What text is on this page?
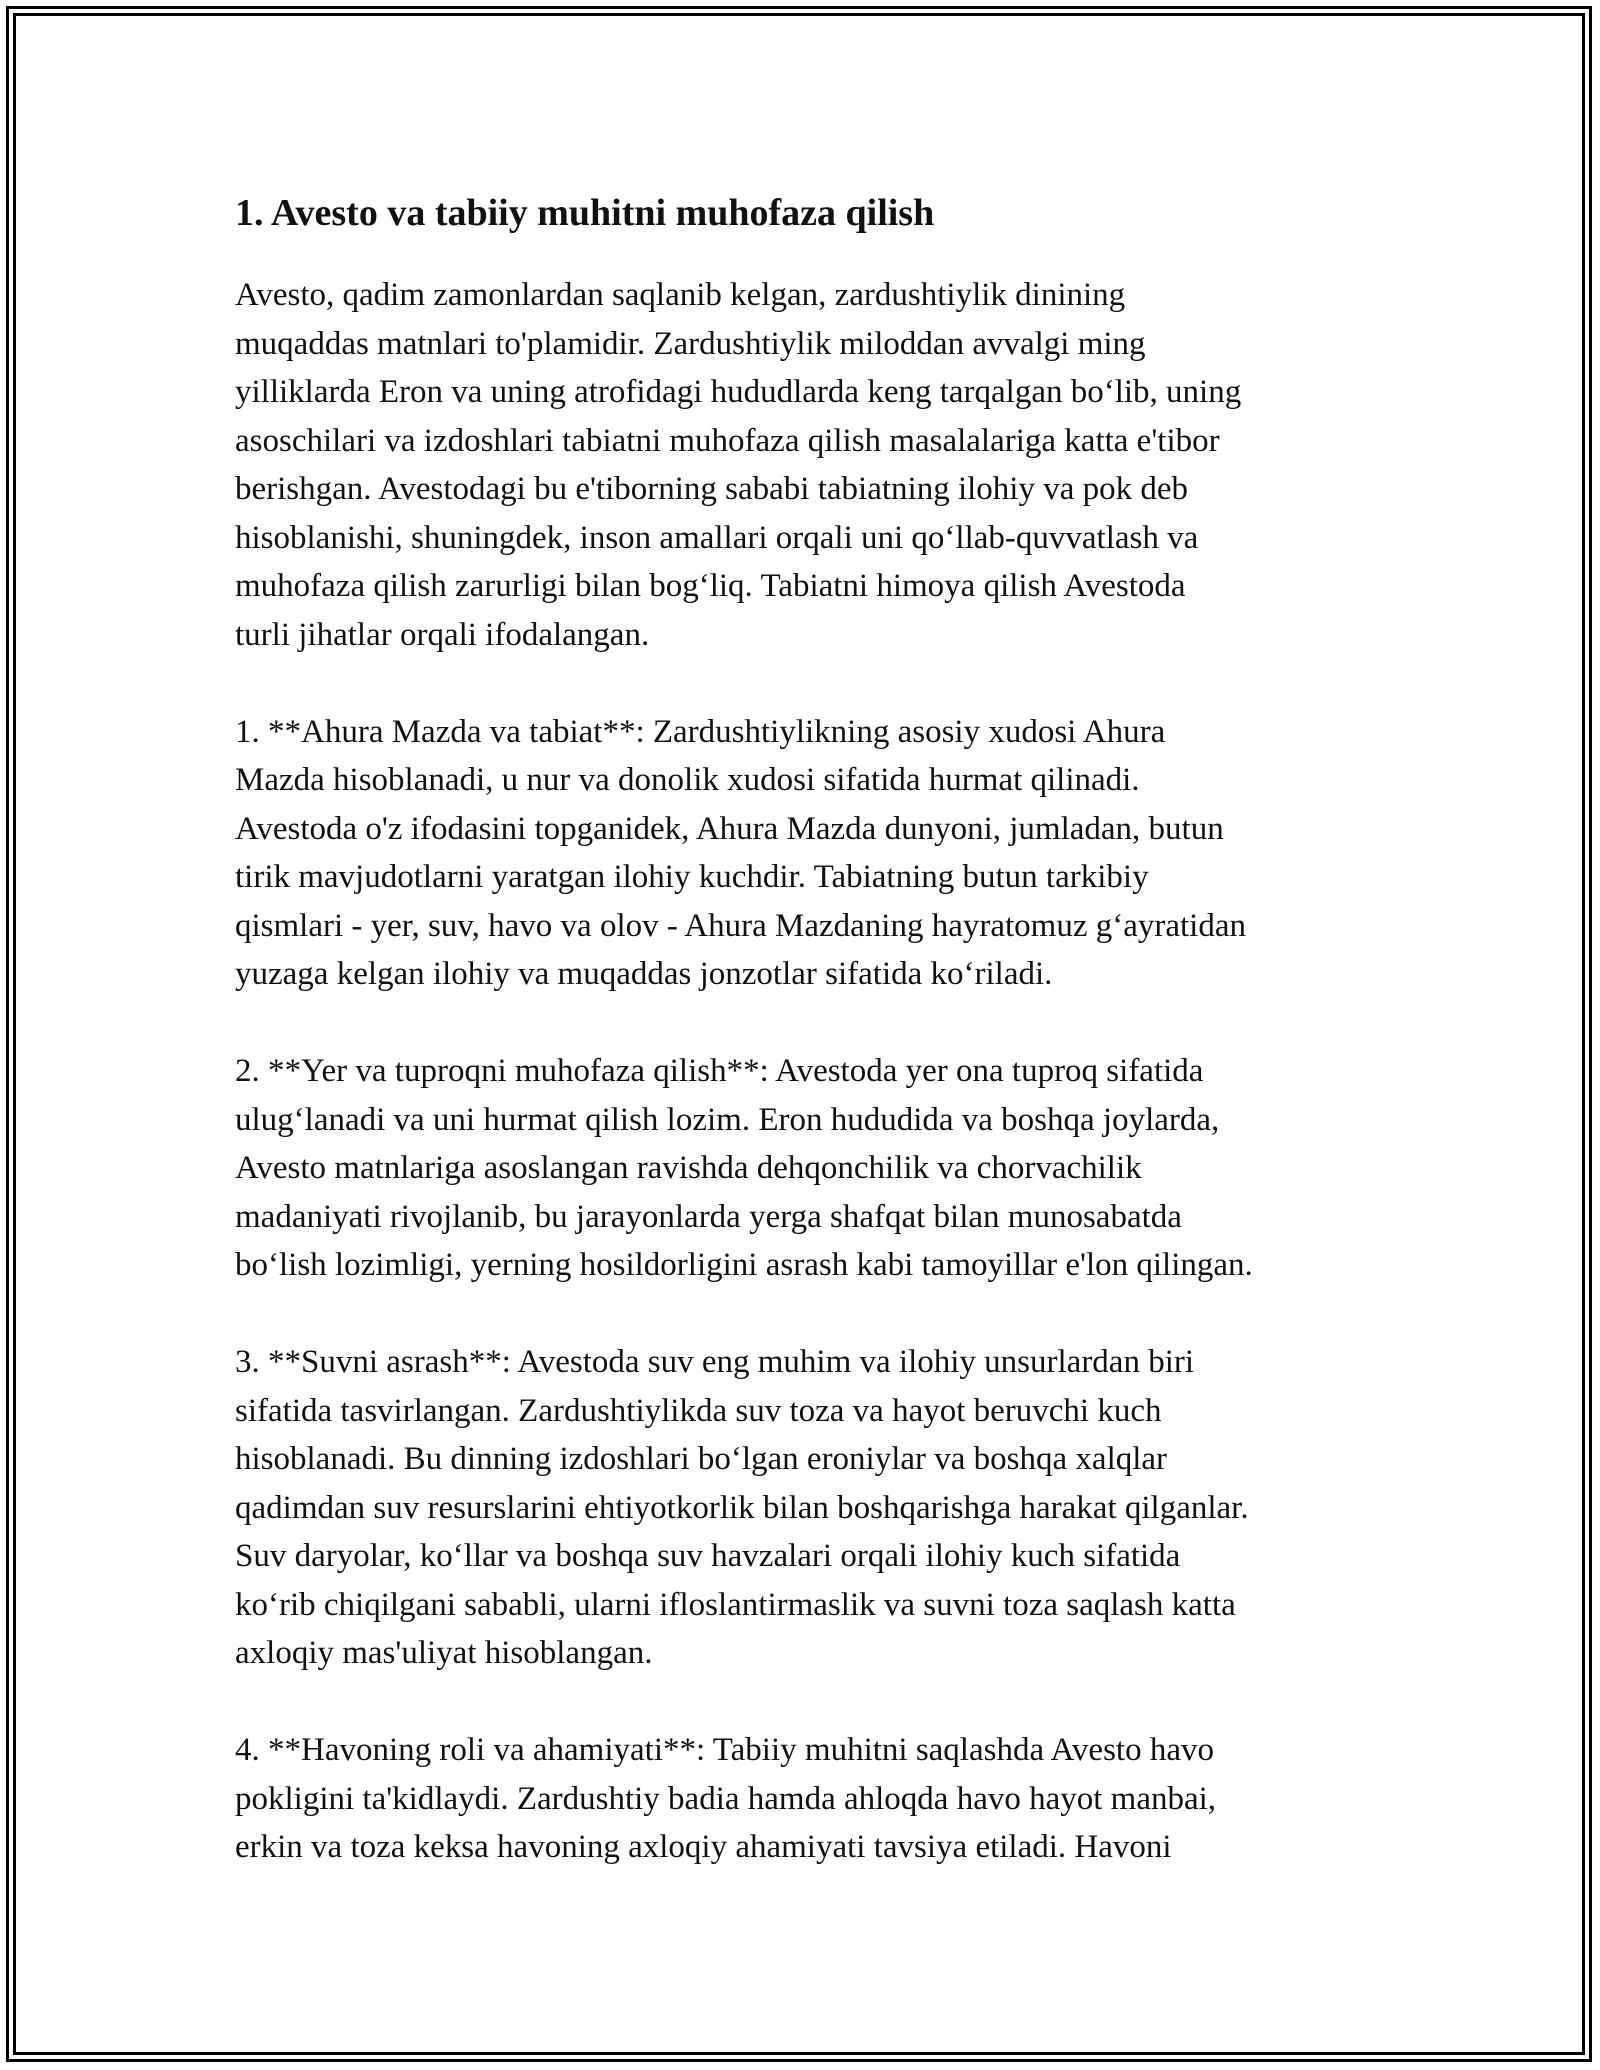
1. Avesto va tabiiy muhitni muhofaza qilish

Avesto, qadim zamonlardan saqlanib kelgan, zardushtiylik dinining
muqaddas matnlari to'plamidir. Zardushtiylik miloddan avvalgi ming
yilliklarda Eron va uning atrofidagi hududlarda keng tarqalgan bo‘lib, uning
asoschilari va izdoshlari tabiatni muhofaza qilish masalalariga katta e'tibor
berishgan. Avestodagi bu e'tiborning sababi tabiatning ilohiy va pok deb
hisoblanishi, shuningdek, inson amallari orqali uni qo‘llab-quvvatlash va
muhofaza qilish zarurligi bilan bog‘liq. Tabiatni himoya qilish Avestoda
turli jihatlar orqali ifodalangan.

1. **Ahura Mazda va tabiat**: Zardushtiylikning asosiy xudosi Ahura
Mazda hisoblanadi, u nur va donolik xudosi sifatida hurmat qilinadi.
Avestoda o'z ifodasini topganidek, Ahura Mazda dunyoni, jumladan, butun
tirik mavjudotlarni yaratgan ilohiy kuchdir. Tabiatning butun tarkibiy
qismlari - yer, suv, havo va olov - Ahura Mazdaning hayratomuz g‘ayratidan
yuzaga kelgan ilohiy va muqaddas jonzotlar sifatida ko‘riladi.

2. **Yer va tuproqni muhofaza qilish**: Avestoda yer ona tuproq sifatida
ulug‘lanadi va uni hurmat qilish lozim. Eron hududida va boshqa joylarda,
Avesto matnlariga asoslangan ravishda dehqonchilik va chorvachilik
madaniyati rivojlanib, bu jarayonlarda yerga shafqat bilan munosabatda
bo‘lish lozimligi, yerning hosildorligini asrash kabi tamoyillar e'lon qilingan.

3. **Suvni asrash**: Avestoda suv eng muhim va ilohiy unsurlardan biri
sifatida tasvirlangan. Zardushtiylikda suv toza va hayot beruvchi kuch
hisoblanadi. Bu dinning izdoshlari bo‘lgan eroniylar va boshqa xalqlar
qadimdan suv resurslarini ehtiyotkorlik bilan boshqarishga harakat qilganlar.
Suv daryolar, ko‘llar va boshqa suv havzalari orqali ilohiy kuch sifatida
ko‘rib chiqilgani sababli, ularni ifloslantirmaslik va suvni toza saqlash katta
axloqiy mas'uliyat hisoblangan.

4. **Havoning roli va ahamiyati**: Tabiiy muhitni saqlashda Avesto havo
pokligini ta'kidlaydi. Zardushtiy badia hamda ahloqda havo hayot manbai,
erkin va toza keksa havoning axloqiy ahamiyati tavsiya etiladi. Havoni
